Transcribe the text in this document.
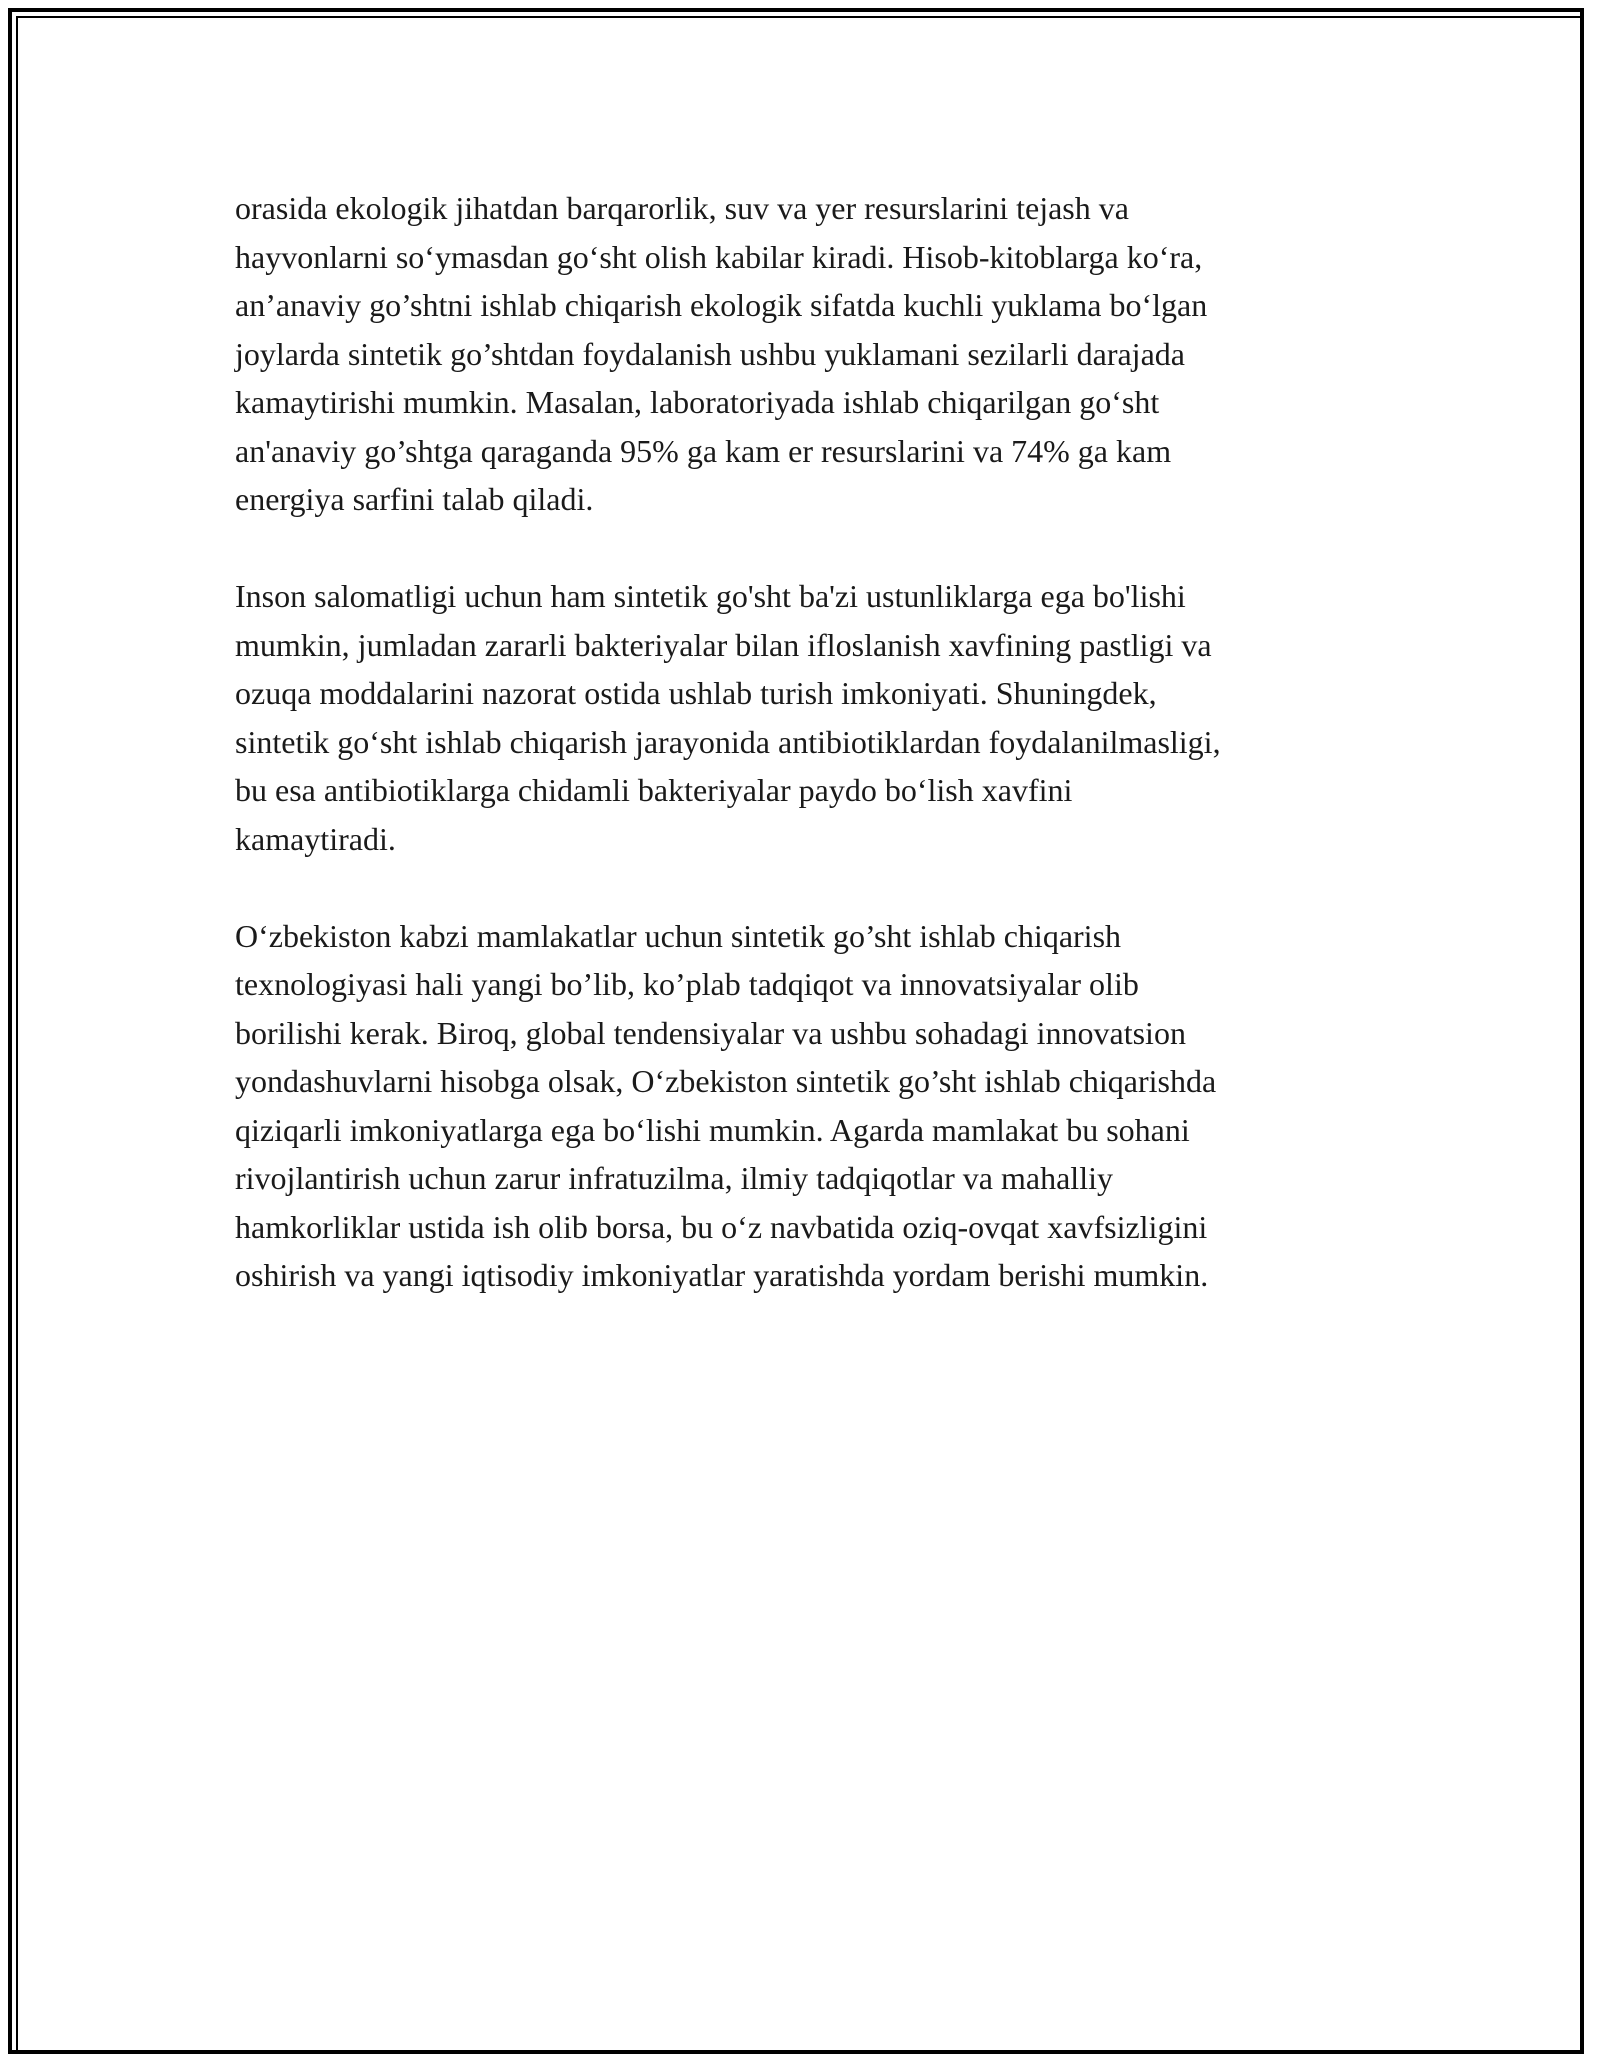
orasida ekologik jihatdan barqarorlik, suv va yer resurslarini tejash va
hayvonlarni so‘ymasdan go‘sht olish kabilar kiradi. Hisob-kitoblarga ko‘ra,
an’anaviy go’shtni ishlab chiqarish ekologik sifatda kuchli yuklama bo‘lgan
joylarda sintetik go’shtdan foydalanish ushbu yuklamani sezilarli darajada
kamaytirishi mumkin. Masalan, laboratoriyada ishlab chiqarilgan go‘sht
an'anaviy go’shtga qaraganda 95% ga kam er resurslarini va 74% ga kam
energiya sarfini talab qiladi.

Inson salomatligi uchun ham sintetik go'sht ba'zi ustunliklarga ega bo'lishi
mumkin, jumladan zararli bakteriyalar bilan ifloslanish xavfining pastligi va
ozuqa moddalarini nazorat ostida ushlab turish imkoniyati. Shuningdek,
sintetik go‘sht ishlab chiqarish jarayonida antibiotiklardan foydalanilmasligi,
bu esa antibiotiklarga chidamli bakteriyalar paydo bo‘lish xavfini
kamaytiradi.

O‘zbekiston kabzi mamlakatlar uchun sintetik go’sht ishlab chiqarish
texnologiyasi hali yangi bo’lib, ko’plab tadqiqot va innovatsiyalar olib
borilishi kerak. Biroq, global tendensiyalar va ushbu sohadagi innovatsion
yondashuvlarni hisobga olsak, O‘zbekiston sintetik go’sht ishlab chiqarishda
qiziqarli imkoniyatlarga ega bo‘lishi mumkin. Agarda mamlakat bu sohani
rivojlantirish uchun zarur infratuzilma, ilmiy tadqiqotlar va mahalliy
hamkorliklar ustida ish olib borsa, bu o‘z navbatida oziq-ovqat xavfsizligini
oshirish va yangi iqtisodiy imkoniyatlar yaratishda yordam berishi mumkin.
